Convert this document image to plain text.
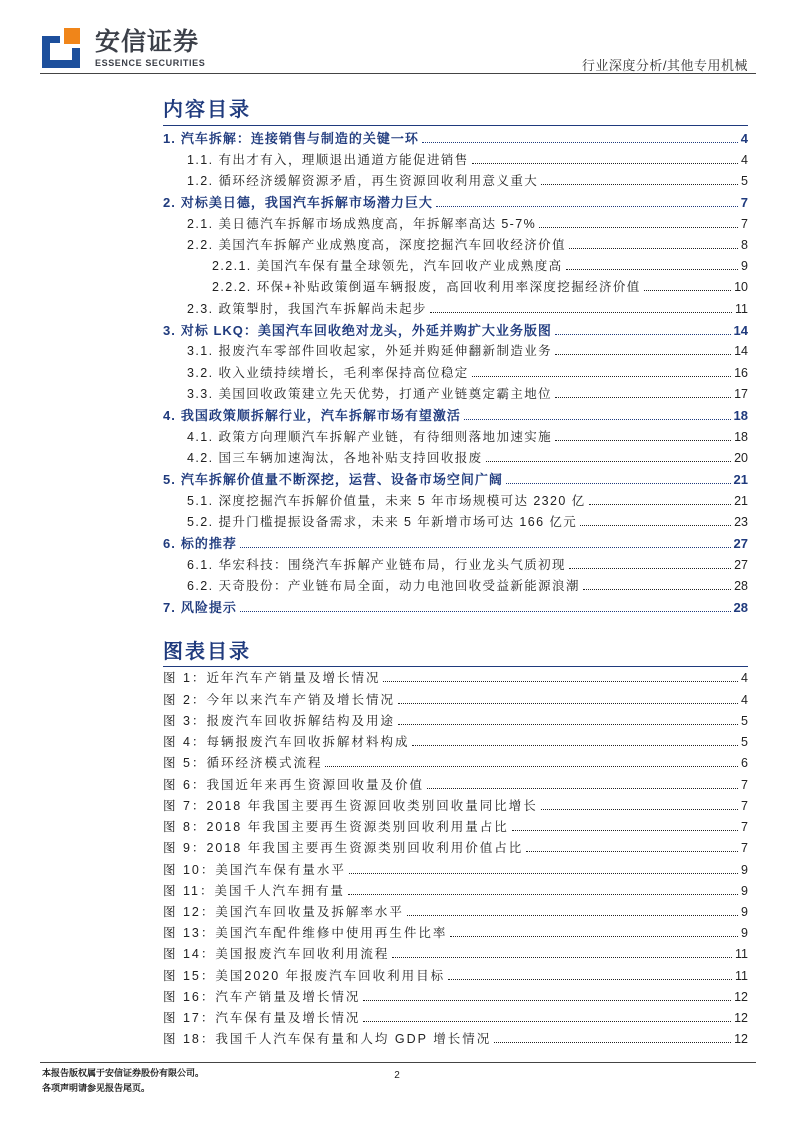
安信证券
ESSENCE SECURITIES	行业深度分析/其他专用机械
内容目录
1. 汽车拆解：连接销售与制造的关键一环	4
1.1. 有出才有入，理顺退出通道方能促进销售	4
1.2. 循环经济缓解资源矛盾，再生资源回收利用意义重大	5
2. 对标美日德，我国汽车拆解市场潜力巨大	7
2.1. 美日德汽车拆解市场成熟度高，年拆解率高达 5-7%	7
2.2. 美国汽车拆解产业成熟度高，深度挖掘汽车回收经济价值	8
2.2.1. 美国汽车保有量全球领先，汽车回收产业成熟度高	9
2.2.2. 环保+补贴政策倒逼车辆报废，高回收利用率深度挖掘经济价值	10
2.3. 政策掣肘，我国汽车拆解尚未起步	11
3. 对标 LKQ：美国汽车回收绝对龙头，外延并购扩大业务版图	14
3.1. 报废汽车零部件回收起家，外延并购延伸翻新制造业务	14
3.2. 收入业绩持续增长，毛利率保持高位稳定	16
3.3. 美国回收政策建立先天优势，打通产业链奠定霸主地位	17
4. 我国政策顺拆解行业，汽车拆解市场有望激活	18
4.1. 政策方向理顺汽车拆解产业链，有待细则落地加速实施	18
4.2. 国三车辆加速淘汰，各地补贴支持回收报废	20
5. 汽车拆解价值量不断深挖，运营、设备市场空间广阔	21
5.1. 深度挖掘汽车拆解价值量，未来 5 年市场规模可达 2320 亿	21
5.2. 提升门槛提振设备需求，未来 5 年新增市场可达 166 亿元	23
6. 标的推荐	27
6.1. 华宏科技：围绕汽车拆解产业链布局，行业龙头气质初现	27
6.2. 天奇股份：产业链布局全面，动力电池回收受益新能源浪潮	28
7. 风险提示	28
图表目录
图 1： 近年汽车产销量及增长情况	4
图 2： 今年以来汽车产销及增长情况	4
图 3： 报废汽车回收拆解结构及用途	5
图 4： 每辆报废汽车回收拆解材料构成	5
图 5： 循环经济模式流程	6
图 6： 我国近年来再生资源回收量及价值	7
图 7： 2018 年我国主要再生资源回收类别回收量同比增长	7
图 8： 2018 年我国主要再生资源类别回收利用量占比	7
图 9： 2018 年我国主要再生资源类别回收利用价值占比	7
图 10： 美国汽车保有量水平	9
图 11： 美国千人汽车拥有量	9
图 12： 美国汽车回收量及拆解率水平	9
图 13： 美国汽车配件维修中使用再生件比率	9
图 14： 美国报废汽车回收利用流程	11
图 15： 美国2020 年报废汽车回收利用目标	11
图 16： 汽车产销量及增长情况	12
图 17： 汽车保有量及增长情况	12
图 18： 我国千人汽车保有量和人均 GDP 增长情况	12
本报告版权属于安信证券股份有限公司。
各项声明请参见报告尾页。
2
